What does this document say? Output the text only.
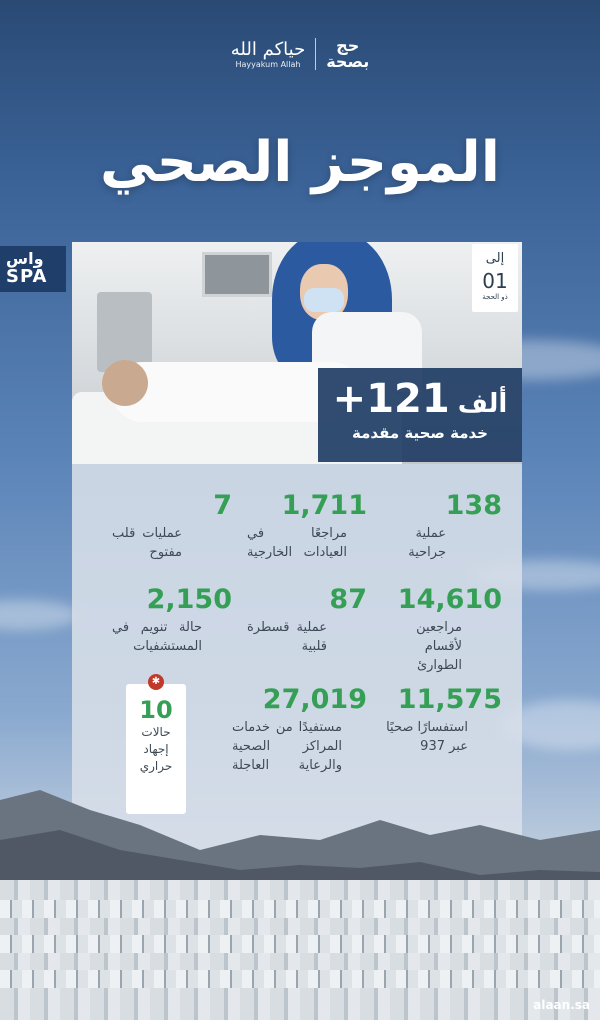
حياكم الله
Hayyakum Allah
حج
بصحة
الموجز الصحي
واس
SPA
إلى
01
ذو الحجة
ألف
+121
خدمة صحية مقدمة
138
عملية جراحية
1,711
مراجعًا في العيادات الخارجية
7
عمليات قلب مفتوح
14,610
مراجعين لأقسام الطوارئ
87
عملية قسطرة قلبية
2,150
حالة تنويم في المستشفيات
11,575
استفسارًا صحيًا عبر 937
27,019
مستفيدًا من خدمات المراكز الصحية والرعاية العاجلة
✱
10
حالات إجهاد حراري
alaan.sa
